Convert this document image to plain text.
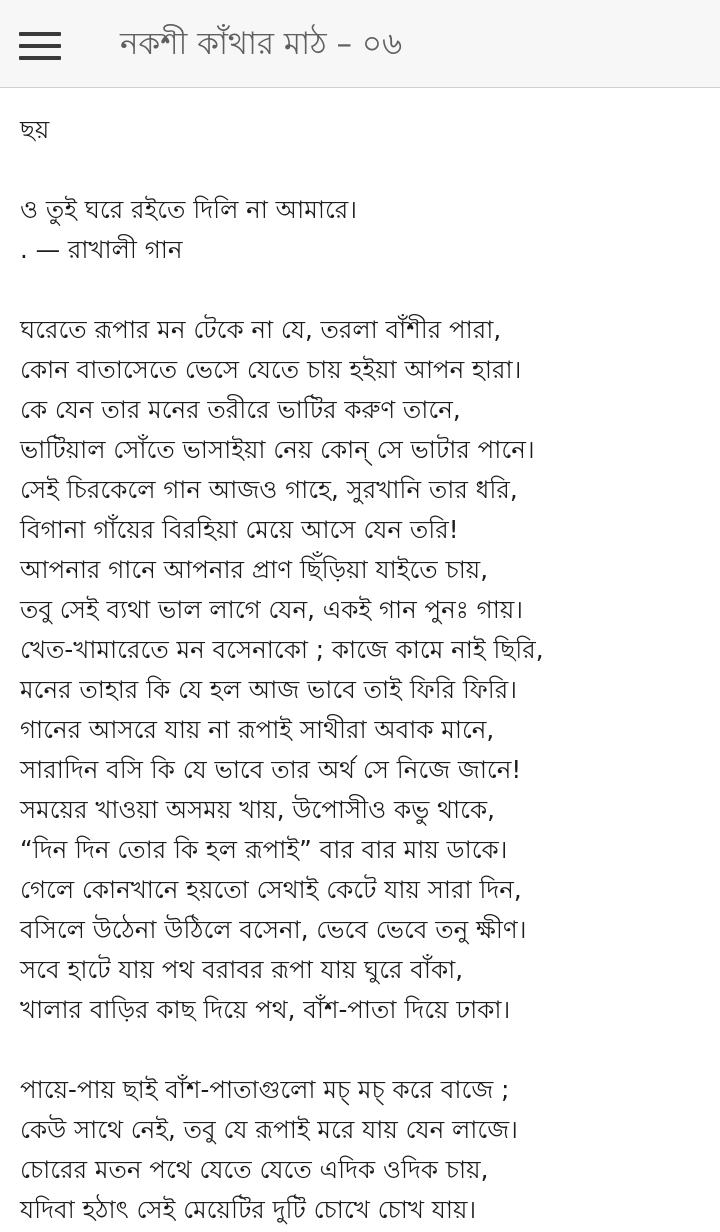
নকশী কাঁথার মাঠ – ০৬
ছয়
ও তুই ঘরে রইতে দিলি না আমারে।
. — রাখালী গান
ঘরেতে রূপার মন টেকে না যে, তরলা বাঁশীর পারা,
কোন বাতাসেতে ভেসে যেতে চায় হইয়া আপন হারা।
কে যেন তার মনের তরীরে ভাটির করুণ তানে,
ভাটিয়াল সোঁতে ভাসাইয়া নেয় কোন্ সে ভাটার পানে।
সেই চিরকেলে গান আজও গাহে, সুরখানি তার ধরি,
বিগানা গাঁয়ের বিরহিয়া মেয়ে আসে যেন তরি!
আপনার গানে আপনার প্রাণ ছিঁড়িয়া যাইতে চায়,
তবু সেই ব্যথা ভাল লাগে যেন, একই গান পুনঃ গায়।
খেত-খামারেতে মন বসেনাকো ; কাজে কামে নাই ছিরি,
মনের তাহার কি যে হল আজ ভাবে তাই ফিরি ফিরি।
গানের আসরে যায় না রূপাই সাথীরা অবাক মানে,
সারাদিন বসি কি যে ভাবে তার অর্থ সে নিজে জানে!
সময়ের খাওয়া অসময় খায়, উপোসীও কভু থাকে,
“দিন দিন তোর কি হল রূপাই” বার বার মায় ডাকে।
গেলে কোনখানে হয়তো সেথাই কেটে যায় সারা দিন,
বসিলে উঠেনা উঠিলে বসেনা, ভেবে ভেবে তনু ক্ষীণ।
সবে হাটে যায় পথ বরাবর রূপা যায় ঘুরে বাঁকা,
খালার বাড়ির কাছ দিয়ে পথ, বাঁশ-পাতা দিয়ে ঢাকা।
পায়ে-পায় ছাই বাঁশ-পাতাগুলো মচ্ মচ্ করে বাজে ;
কেউ সাথে নেই, তবু যে রূপাই মরে যায় যেন লাজে।
চোরের মতন পথে যেতে যেতে এদিক ওদিক চায়,
যদিবা হঠাৎ সেই মেয়েটির দুটি চোখে চোখ যায়।
